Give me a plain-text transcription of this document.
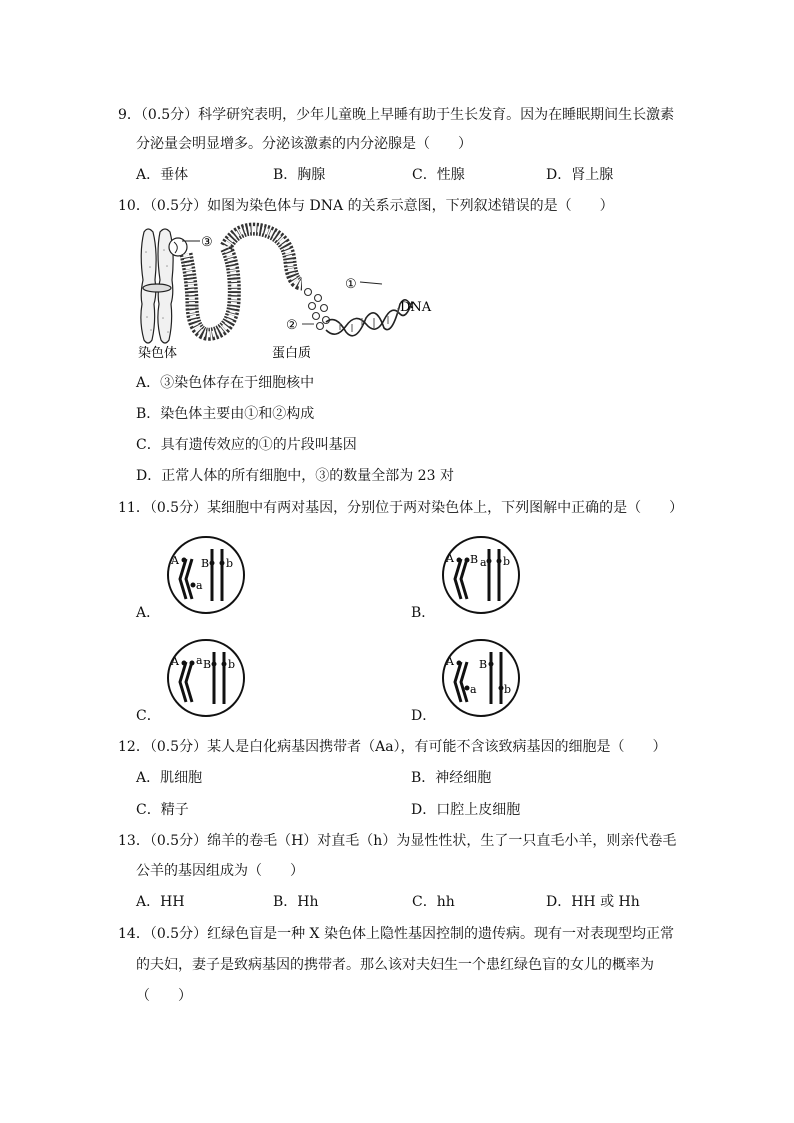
9．（0.5分）科学研究表明，少年儿童晚上早睡有助于生长发育。因为在睡眠期间生长激素
分泌量会明显增多。分泌该激素的内分泌腺是（　　）
A．垂体	B．胸腺	C．性腺	D．肾上腺
10．（0.5分）如图为染色体与 DNA 的关系示意图，下列叙述错误的是（　　）
③
②
①
DNA
染色体	蛋白质
A．③染色体存在于细胞核中
B．染色体主要由①和②构成
C．具有遗传效应的①的片段叫基因
D．正常人体的所有细胞中，③的数量全部为 23 对
11．（0.5分）某细胞中有两对基因，分别位于两对染色体上，下列图解中正确的是（　　）
A
a
B b
A．
A B a b
B．
A a B b
C．
A
a
B
b
D．
12．（0.5分）某人是白化病基因携带者（Aa），有可能不含该致病基因的细胞是（　　）
A．肌细胞	B．神经细胞
C．精子	D．口腔上皮细胞
13．（0.5分）绵羊的卷毛（H）对直毛（h）为显性性状，生了一只直毛小羊，则亲代卷毛
公羊的基因组成为（　　）
A．HH	B．Hh	C．hh	D．HH 或 Hh
14．（0.5分）红绿色盲是一种 X 染色体上隐性基因控制的遗传病。现有一对表现型均正常
的夫妇，妻子是致病基因的携带者。那么该对夫妇生一个患红绿色盲的女儿的概率为
（　　）
